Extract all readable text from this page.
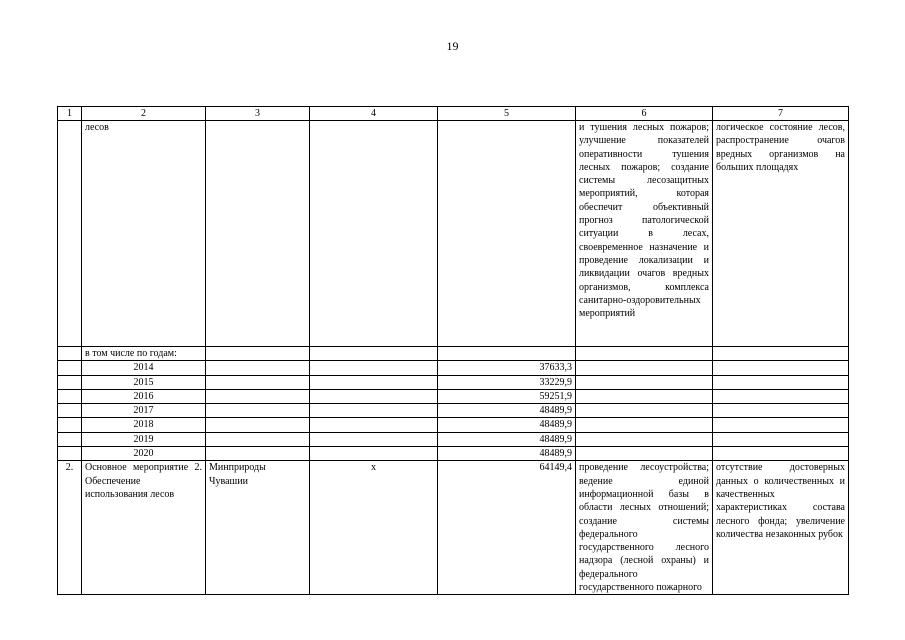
19
1	2	3	4	5	6	7
	лесов				и тушения лесных пожаров; улучшение показателей оперативности тушения лесных пожаров; создание системы лесозащитных мероприятий, которая обеспечит объективный прогноз патологической ситуации в лесах, своевременное назначение и проведение локализации и ликвидации очагов вредных организмов, комплекса санитарно-оздоровительных мероприятий	логическое состояние лесов, распространение очагов вредных организмов на больших площадях
	в том числе по годам:					
	2014			37633,3		
	2015			33229,9		
	2016			59251,9		
	2017			48489,9		
	2018			48489,9		
	2019			48489,9		
	2020			48489,9		
2.	Основное мероприятие 2. Обеспечение использования лесов	Минприроды Чувашии	х	64149,4	проведение лесоустройства; ведение единой информационной базы в области лесных отношений; создание системы федерального государственного лесного надзора (лесной охраны) и федерального государственного пожарного	отсутствие достоверных данных о количественных и качественных характеристиках состава лесного фонда; увеличение количества незаконных рубок
